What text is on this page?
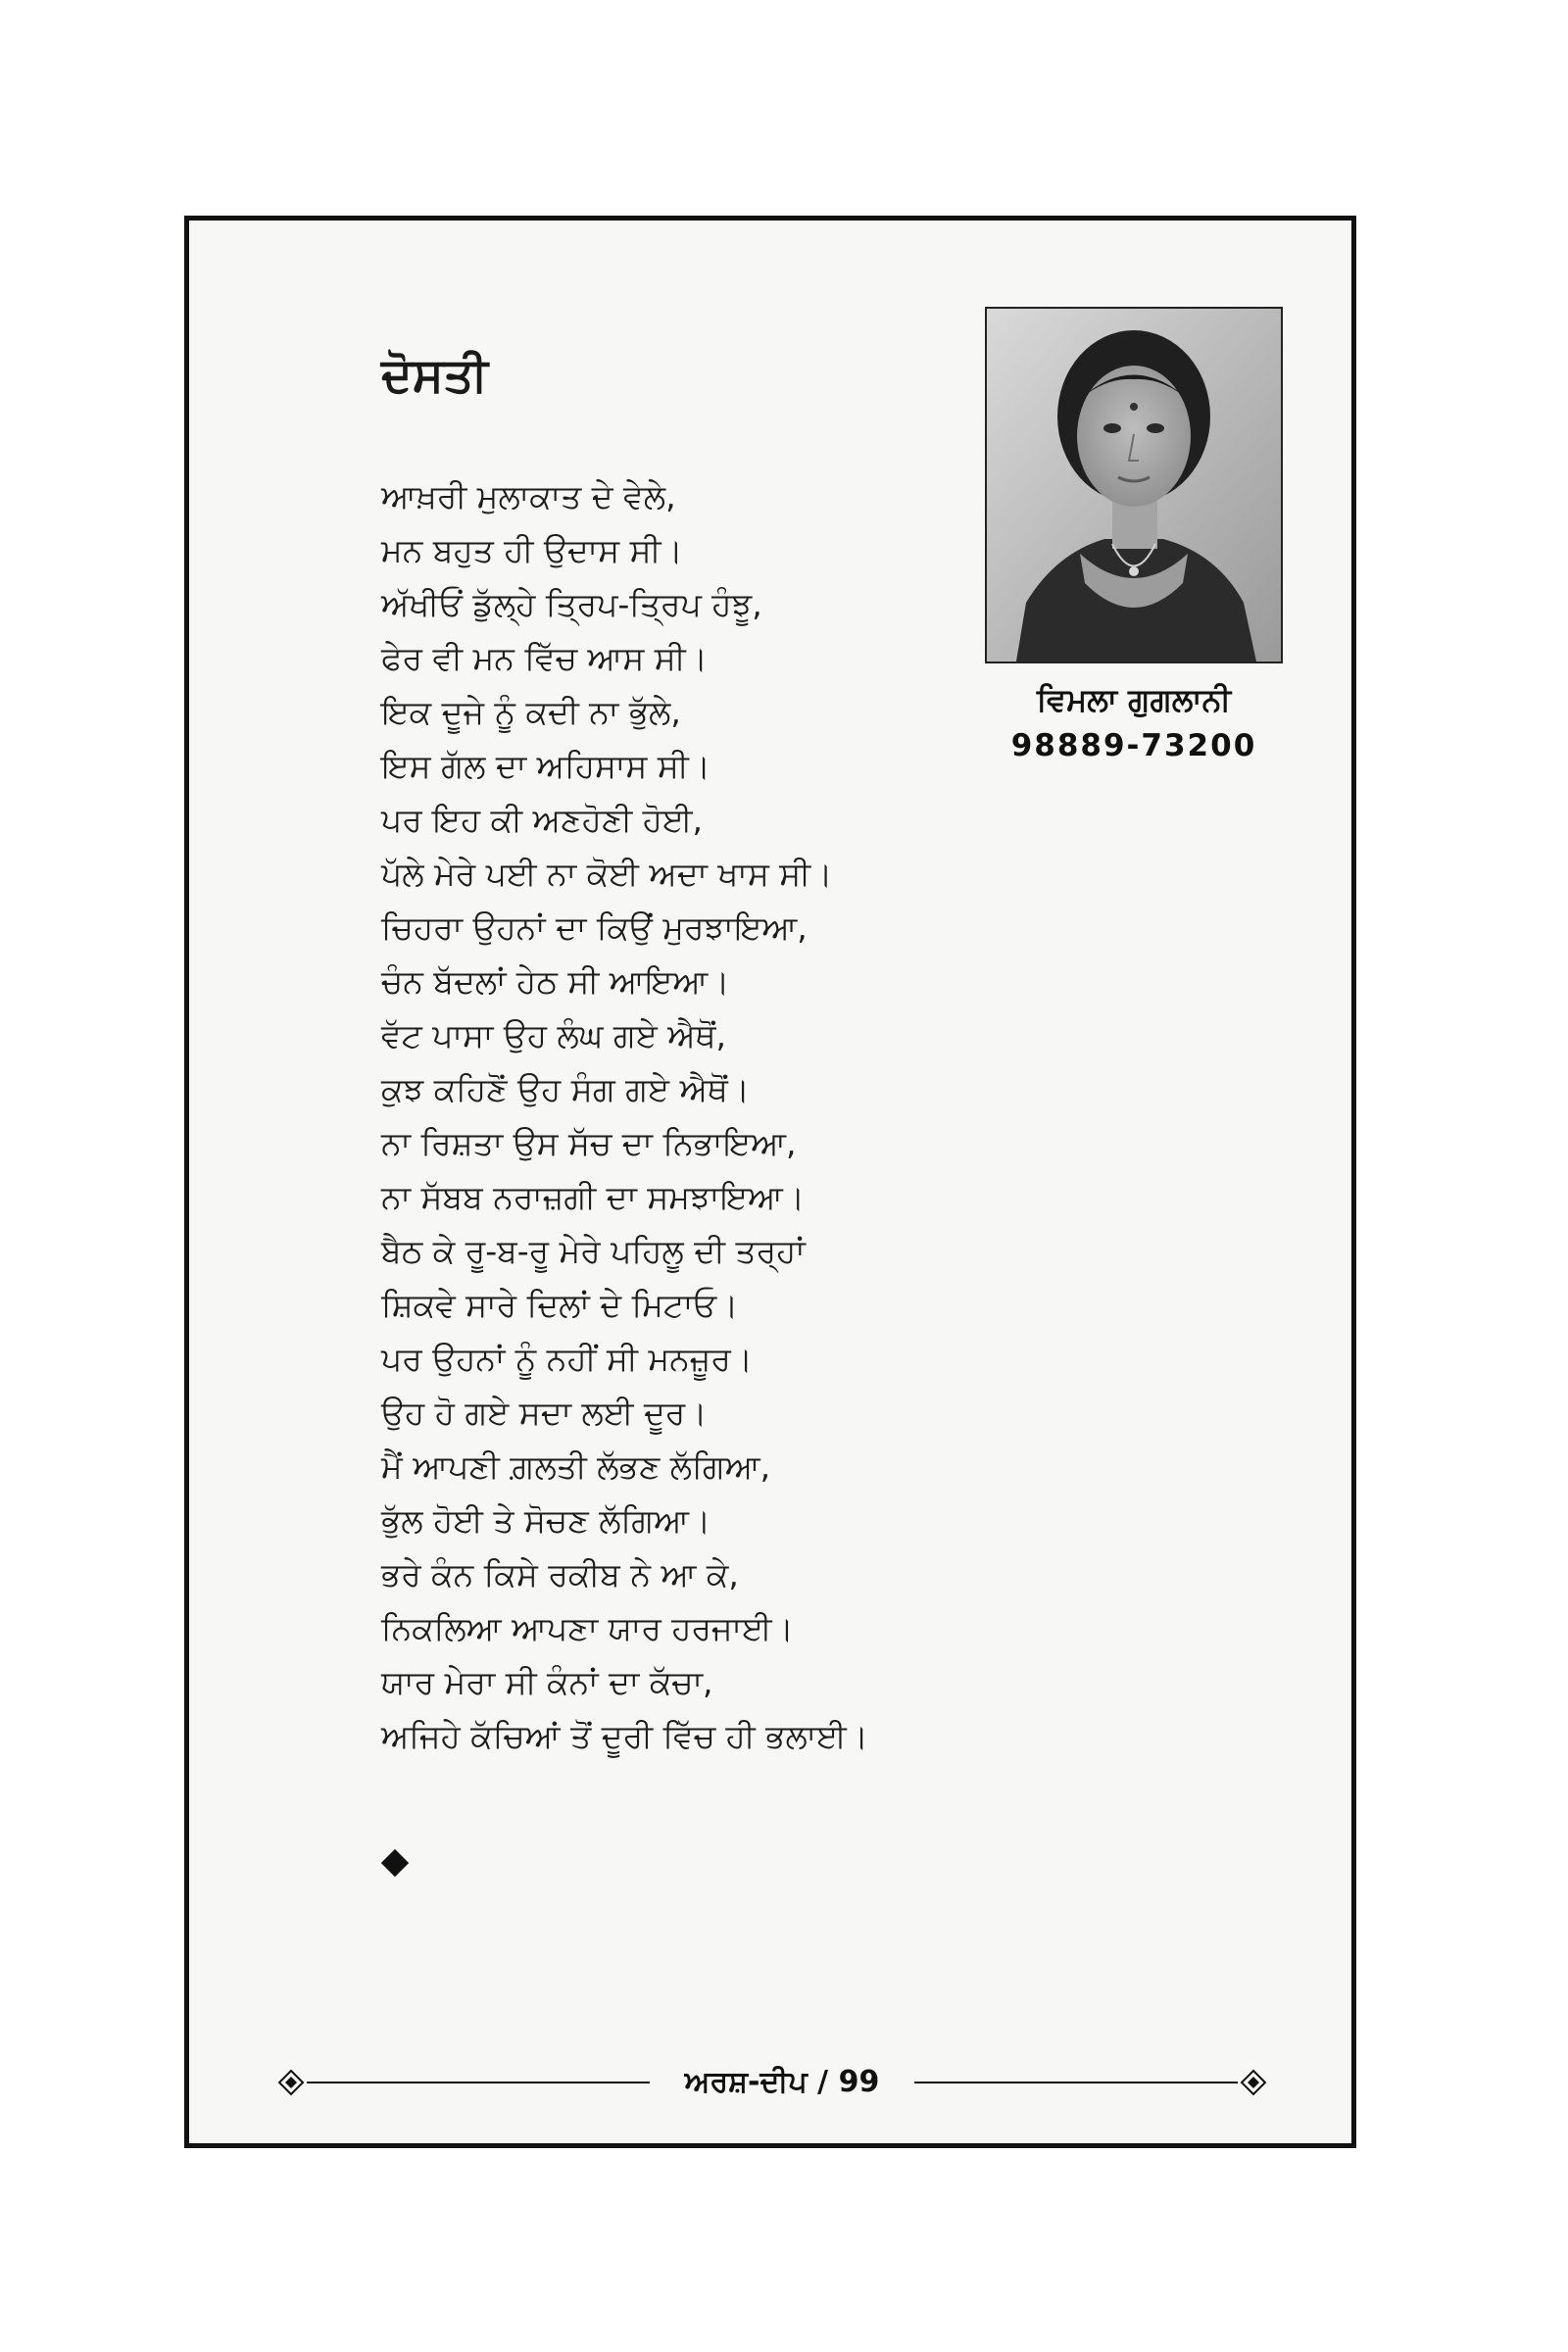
ਦੋਸਤੀ
ਵਿਮਲਾ ਗੁਗਲਾਨੀ
98889-73200
ਆਖ਼ਰੀ ਮੁਲਾਕਾਤ ਦੇ ਵੇਲੇ,
ਮਨ ਬਹੁਤ ਹੀ ਉਦਾਸ ਸੀ।
ਅੱਖੀਓਂ ਡੁੱਲ੍ਹੇ ਤ੍ਰਿਪ-ਤ੍ਰਿਪ ਹੰਝੂ,
ਫੇਰ ਵੀ ਮਨ ਵਿੱਚ ਆਸ ਸੀ।
ਇਕ ਦੂਜੇ ਨੂੰ ਕਦੀ ਨਾ ਭੁੱਲੇ,
ਇਸ ਗੱਲ ਦਾ ਅਹਿਸਾਸ ਸੀ।
ਪਰ ਇਹ ਕੀ ਅਣਹੋਣੀ ਹੋਈ,
ਪੱਲੇ ਮੇਰੇ ਪਈ ਨਾ ਕੋਈ ਅਦਾ ਖਾਸ ਸੀ।
ਚਿਹਰਾ ਉਹਨਾਂ ਦਾ ਕਿਉਂ ਮੁਰਝਾਇਆ,
ਚੰਨ ਬੱਦਲਾਂ ਹੇਠ ਸੀ ਆਇਆ।
ਵੱਟ ਪਾਸਾ ਉਹ ਲੰਘ ਗਏ ਐਥੋਂ,
ਕੁਝ ਕਹਿਣੋਂ ਉਹ ਸੰਗ ਗਏ ਐਥੋਂ।
ਨਾ ਰਿਸ਼ਤਾ ਉਸ ਸੱਚ ਦਾ ਨਿਭਾਇਆ,
ਨਾ ਸੱਬਬ ਨਰਾਜ਼ਗੀ ਦਾ ਸਮਝਾਇਆ।
ਬੈਠ ਕੇ ਰੂ-ਬ-ਰੂ ਮੇਰੇ ਪਹਿਲੂ ਦੀ ਤਰ੍ਹਾਂ
ਸ਼ਿਕਵੇ ਸਾਰੇ ਦਿਲਾਂ ਦੇ ਮਿਟਾਓ।
ਪਰ ਉਹਨਾਂ ਨੂੰ ਨਹੀਂ ਸੀ ਮਨਜ਼ੂਰ।
ਉਹ ਹੋ ਗਏ ਸਦਾ ਲਈ ਦੂਰ।
ਮੈਂ ਆਪਣੀ ਗ਼ਲਤੀ ਲੱਭਣ ਲੱਗਿਆ,
ਭੁੱਲ ਹੋਈ ਤੇ ਸੋਚਣ ਲੱਗਿਆ।
ਭਰੇ ਕੰਨ ਕਿਸੇ ਰਕੀਬ ਨੇ ਆ ਕੇ,
ਨਿਕਲਿਆ ਆਪਣਾ ਯਾਰ ਹਰਜਾਈ।
ਯਾਰ ਮੇਰਾ ਸੀ ਕੰਨਾਂ ਦਾ ਕੱਚਾ,
ਅਜਿਹੇ ਕੱਚਿਆਂ ਤੋਂ ਦੂਰੀ ਵਿੱਚ ਹੀ ਭਲਾਈ।
ਅਰਸ਼-ਦੀਪ / 99
